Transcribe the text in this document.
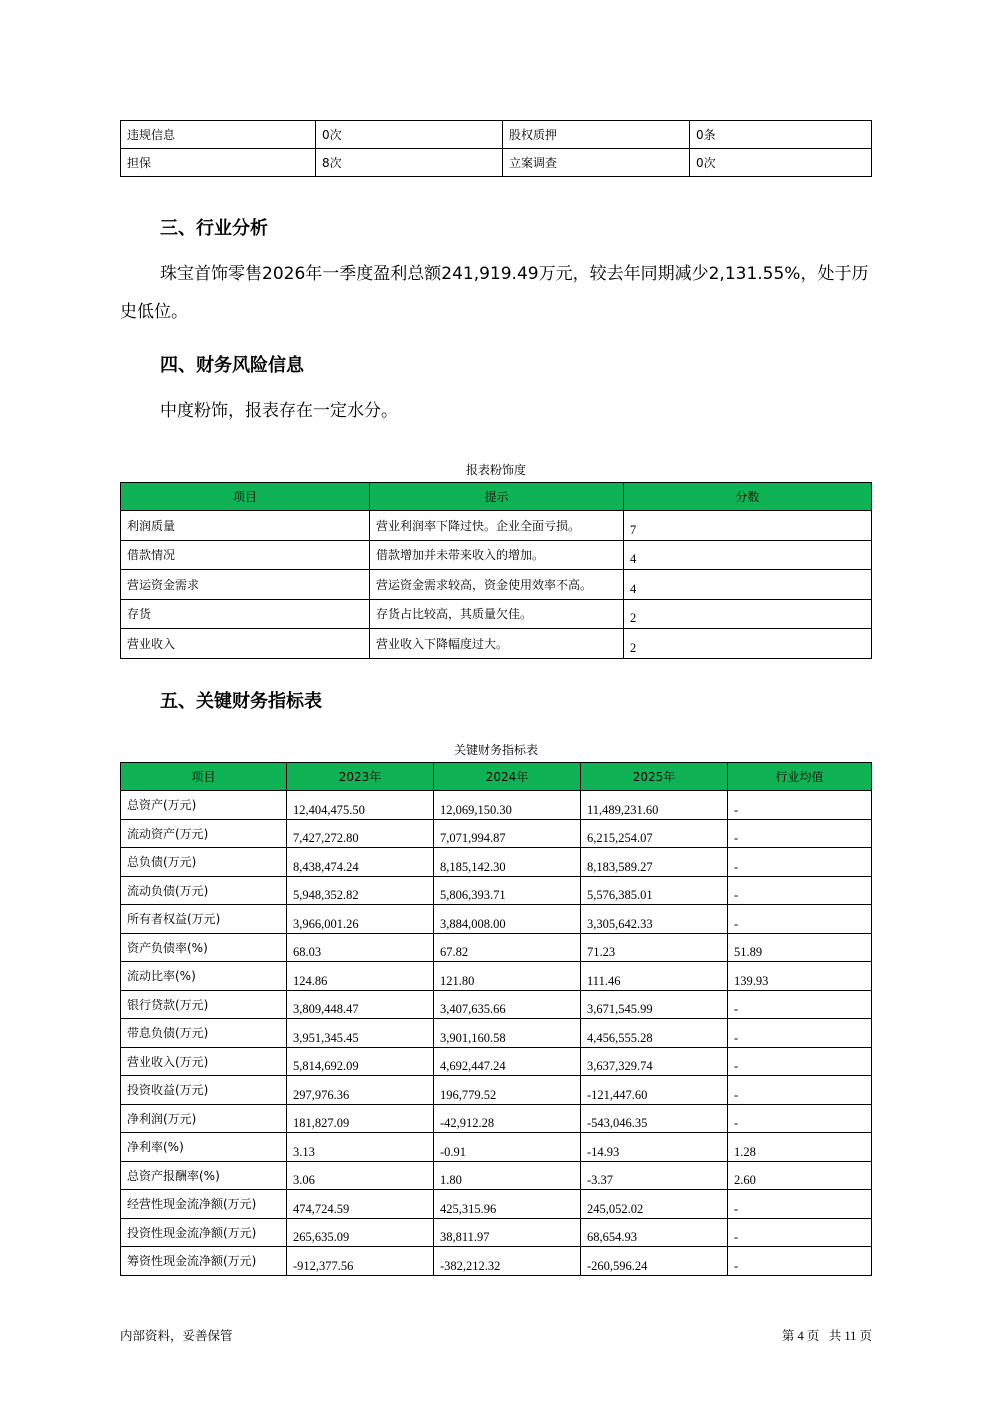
违规信息	0次	股权质押	0条
担保	8次	立案调查	0次
三、行业分析

珠宝首饰零售2026年一季度盈利总额241,919.49万元，较去年同期减少2,131.55%，处于历史低位。

四、财务风险信息

中度粉饰，报表存在一定水分。

报表粉饰度
项目	提示	分数
利润质量	营业利润率下降过快。企业全面亏损。	7
借款情况	借款增加并未带来收入的增加。	4
营运资金需求	营运资金需求较高，资金使用效率不高。	4
存货	存货占比较高，其质量欠佳。	2
营业收入	营业收入下降幅度过大。	2
五、关键财务指标表
关键财务指标表
项目	2023年	2024年	2025年	行业均值
总资产(万元)	12,404,475.50	12,069,150.30	11,489,231.60	-
流动资产(万元)	7,427,272.80	7,071,994.87	6,215,254.07	-
总负债(万元)	8,438,474.24	8,185,142.30	8,183,589.27	-
流动负债(万元)	5,948,352.82	5,806,393.71	5,576,385.01	-
所有者权益(万元)	3,966,001.26	3,884,008.00	3,305,642.33	-
资产负债率(%)	68.03	67.82	71.23	51.89
流动比率(%)	124.86	121.80	111.46	139.93
银行贷款(万元)	3,809,448.47	3,407,635.66	3,671,545.99	-
带息负债(万元)	3,951,345.45	3,901,160.58	4,456,555.28	-
营业收入(万元)	5,814,692.09	4,692,447.24	3,637,329.74	-
投资收益(万元)	297,976.36	196,779.52	-121,447.60	-
净利润(万元)	181,827.09	-42,912.28	-543,046.35	-
净利率(%)	3.13	-0.91	-14.93	1.28
总资产报酬率(%)	3.06	1.80	-3.37	2.60
经营性现金流净额(万元)	474,724.59	425,315.96	245,052.02	-
投资性现金流净额(万元)	265,635.09	38,811.97	68,654.93	-
筹资性现金流净额(万元)	-912,377.56	-382,212.32	-260,596.24	-
内部资料，妥善保管	第 4 页   共 11 页
